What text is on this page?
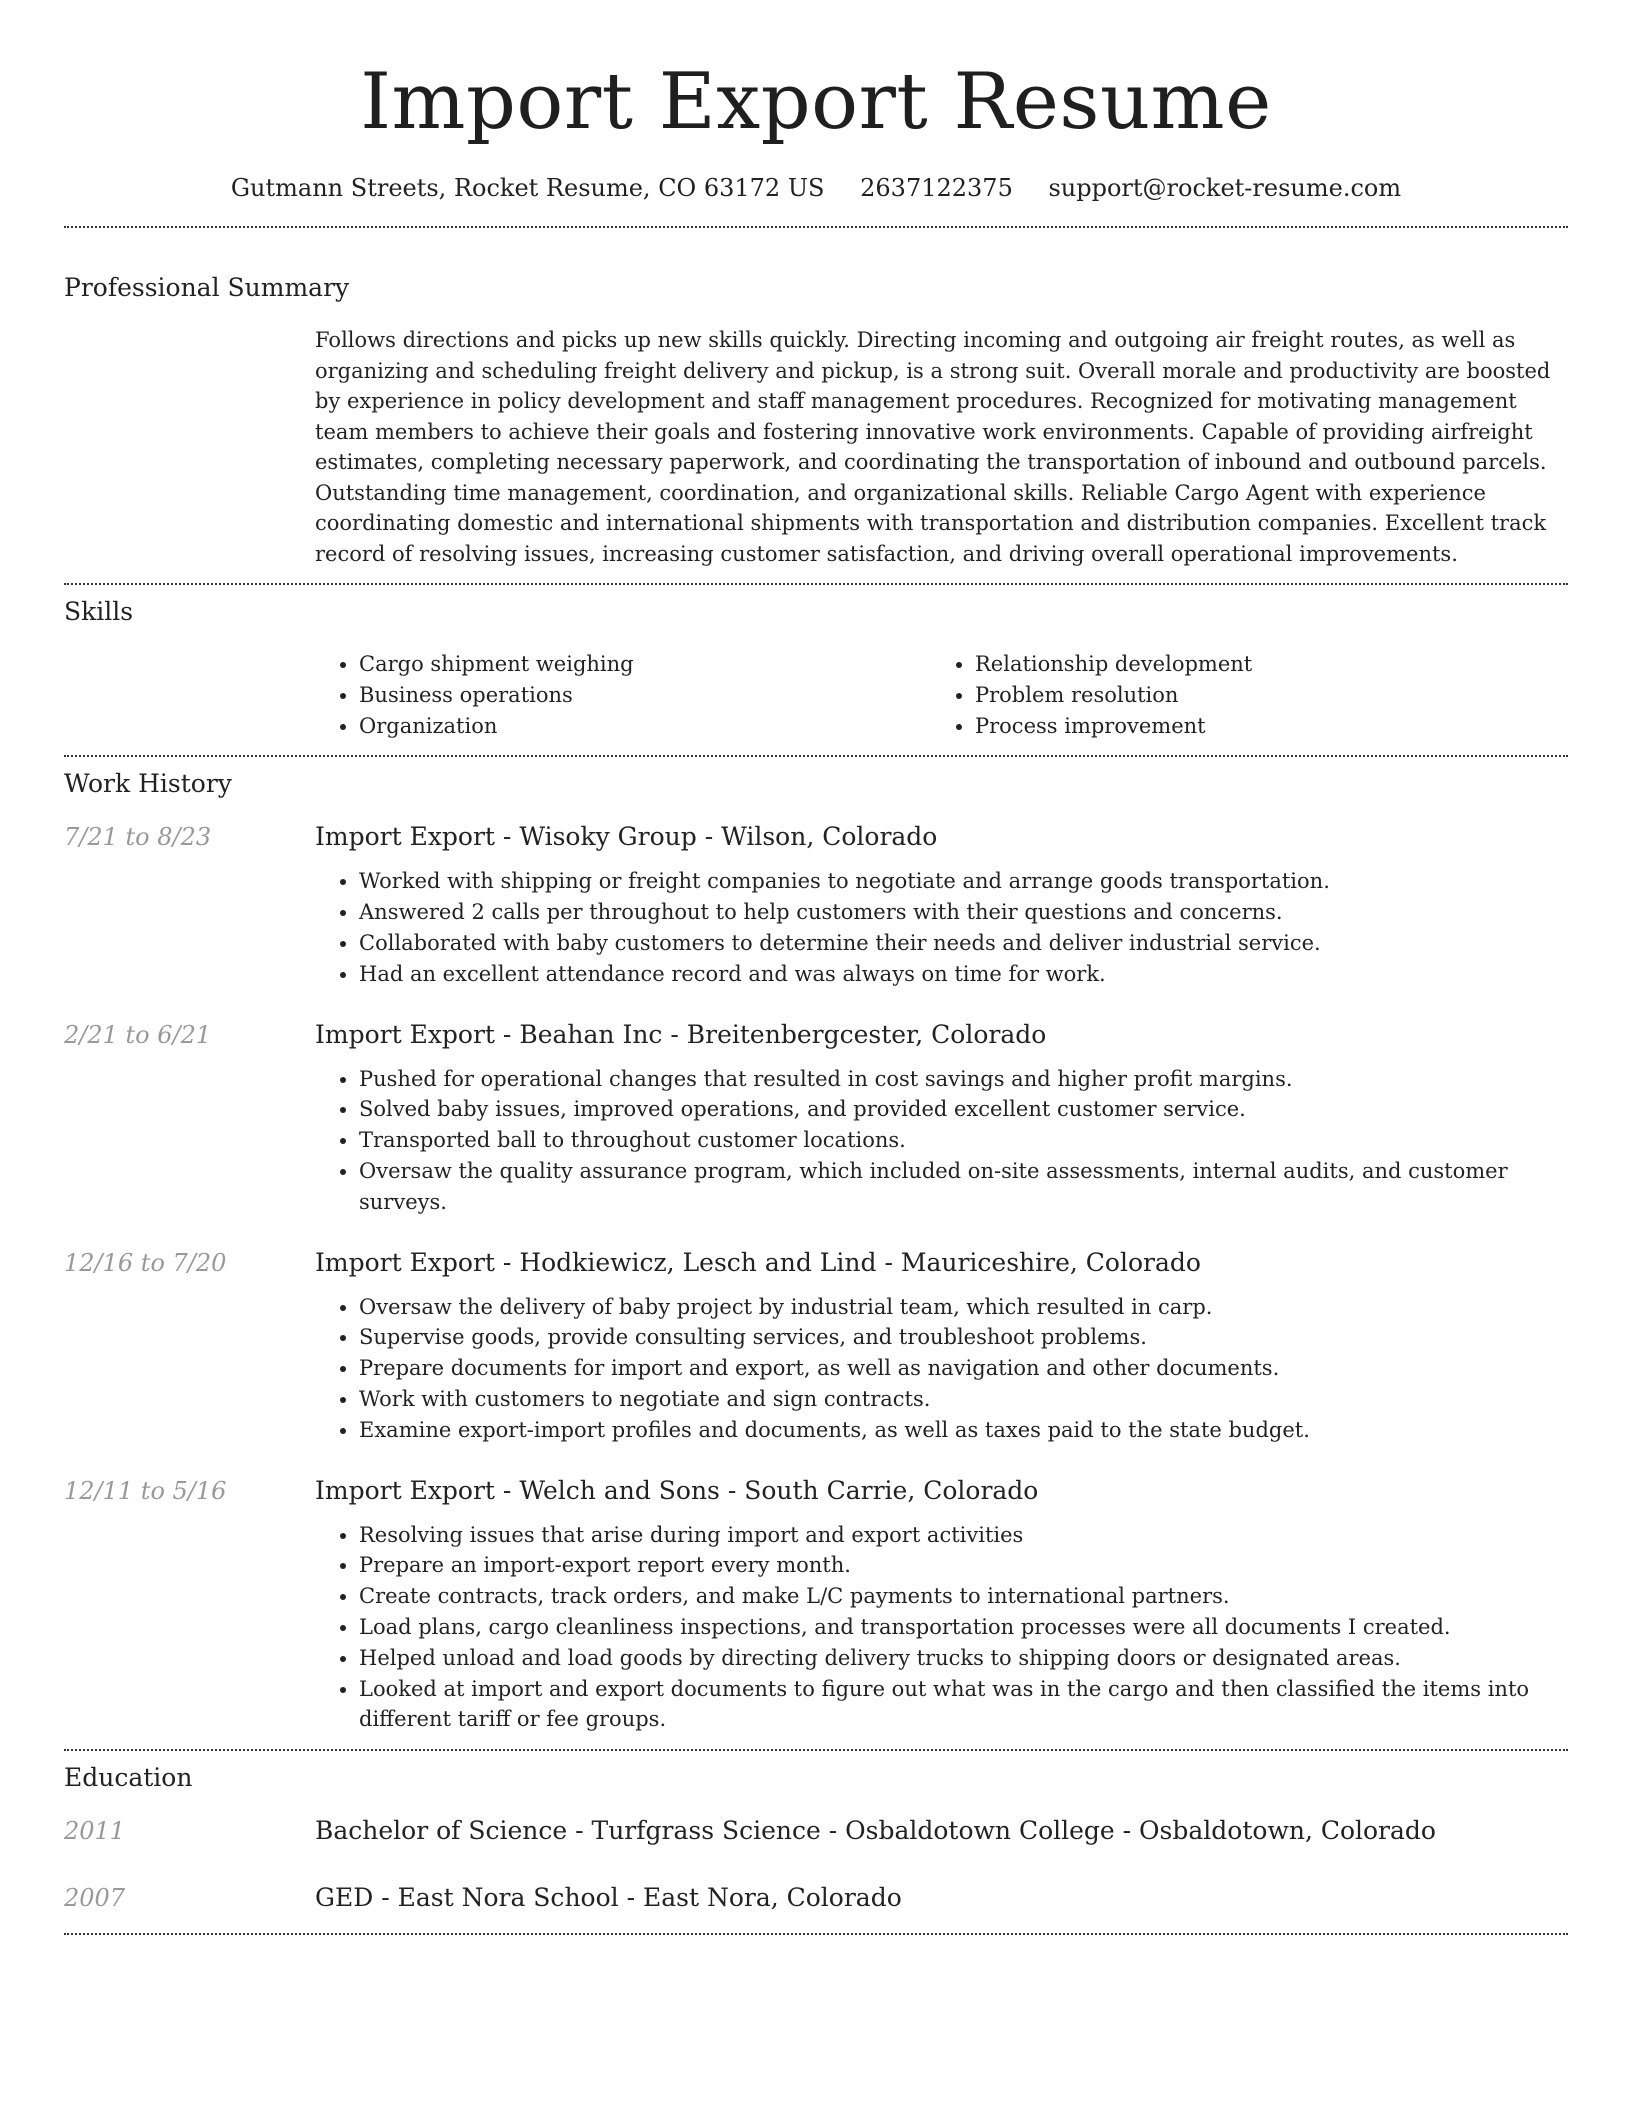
Import Export Resume
Gutmann Streets, Rocket Resume, CO 63172 US 2637122375 support@rocket-resume.com
Professional Summary

Follows directions and picks up new skills quickly. Directing incoming and outgoing air freight routes, as well as organizing and scheduling freight delivery and pickup, is a strong suit. Overall morale and productivity are boosted by experience in policy development and staff management procedures. Recognized for motivating management team members to achieve their goals and fostering innovative work environments. Capable of providing airfreight estimates, completing necessary paperwork, and coordinating the transportation of inbound and outbound parcels. Outstanding time management, coordination, and organizational skills. Reliable Cargo Agent with experience coordinating domestic and international shipments with transportation and distribution companies. Excellent track record of resolving issues, increasing customer satisfaction, and driving overall operational improvements.

Skills
• Cargo shipment weighing
• Business operations
• Organization
• Relationship development
• Problem resolution
• Process improvement
Work History
7/21 to 8/23	Import Export - Wisoky Group - Wilson, Colorado
• Worked with shipping or freight companies to negotiate and arrange goods transportation.
• Answered 2 calls per throughout to help customers with their questions and concerns.
• Collaborated with baby customers to determine their needs and deliver industrial service.
• Had an excellent attendance record and was always on time for work.
2/21 to 6/21	Import Export - Beahan Inc - Breitenbergcester, Colorado
• Pushed for operational changes that resulted in cost savings and higher profit margins.
• Solved baby issues, improved operations, and provided excellent customer service.
• Transported ball to throughout customer locations.
• Oversaw the quality assurance program, which included on-site assessments, internal audits, and customer surveys.
12/16 to 7/20	Import Export - Hodkiewicz, Lesch and Lind - Mauriceshire, Colorado
• Oversaw the delivery of baby project by industrial team, which resulted in carp.
• Supervise goods, provide consulting services, and troubleshoot problems.
• Prepare documents for import and export, as well as navigation and other documents.
• Work with customers to negotiate and sign contracts.
• Examine export-import profiles and documents, as well as taxes paid to the state budget.
12/11 to 5/16	Import Export - Welch and Sons - South Carrie, Colorado
• Resolving issues that arise during import and export activities
• Prepare an import-export report every month.
• Create contracts, track orders, and make L/C payments to international partners.
• Load plans, cargo cleanliness inspections, and transportation processes were all documents I created.
• Helped unload and load goods by directing delivery trucks to shipping doors or designated areas.
• Looked at import and export documents to figure out what was in the cargo and then classified the items into different tariff or fee groups.
Education
2011	Bachelor of Science - Turfgrass Science - Osbaldotown College - Osbaldotown, Colorado
2007	GED - East Nora School - East Nora, Colorado
